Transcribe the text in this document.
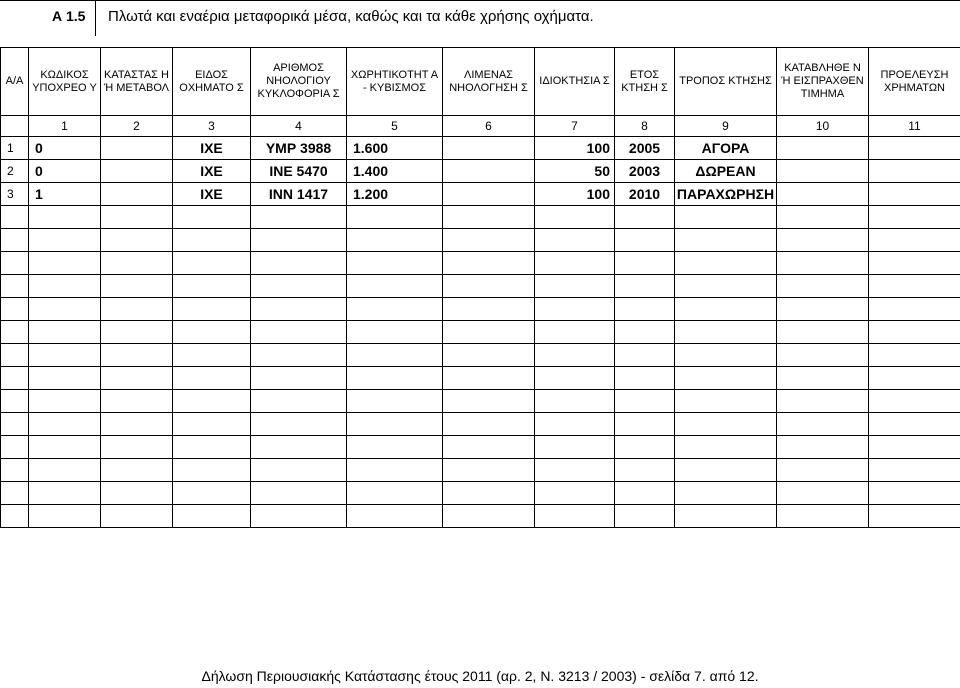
Α 1.5 Πλωτά και εναέρια μεταφορικά μέσα, καθώς και τα κάθε χρήσης οχήματα.
Α/Α	ΚΩΔΙΚΟΣ ΥΠΟΧΡΕΟ Υ	ΚΑΤΑΣΤΑΣ Η Ή ΜΕΤΑΒΟΛ	ΕΙΔΟΣ ΟΧΗΜΑΤΟ Σ	ΑΡΙΘΜΟΣ ΝΗΟΛΟΓΙΟΥ ΚΥΚΛΟΦΟΡΙΑ Σ	ΧΩΡΗΤΙΚΟΤΗΤ Α - ΚΥΒΙΣΜΟΣ	ΛΙΜΕΝΑΣ ΝΗΟΛΟΓΗΣΗ Σ	ΙΔΙΟΚΤΗΣΙΑ Σ	ΕΤΟΣ ΚΤΗΣΗ Σ	ΤΡΟΠΟΣ ΚΤΗΣΗΣ	ΚΑΤΑΒΛΗΘΕ Ν Ή ΕΙΣΠΡΑΧΘΕΝ ΤΙΜΗΜΑ	ΠΡΟΕΛΕΥΣΗ ΧΡΗΜΑΤΩΝ

	1	2	3	4	5	6	7	8	9	10	11
1	0		ΙΧΕ	ΥΜΡ 3988	1.600		100	2005	ΑΓΟΡΑ		
2	0		ΙΧΕ	ΙΝΕ 5470	1.400		50	2003	ΔΩΡΕΑΝ		
3	1		ΙΧΕ	ΙΝΝ 1417	1.200		100	2010	ΠΑΡΑΧΩΡΗΣΗ		

Δήλωση Περιουσιακής Κατάστασης έτους 2011 (αρ. 2, Ν. 3213 / 2003) - σελίδα 7. από 12.
